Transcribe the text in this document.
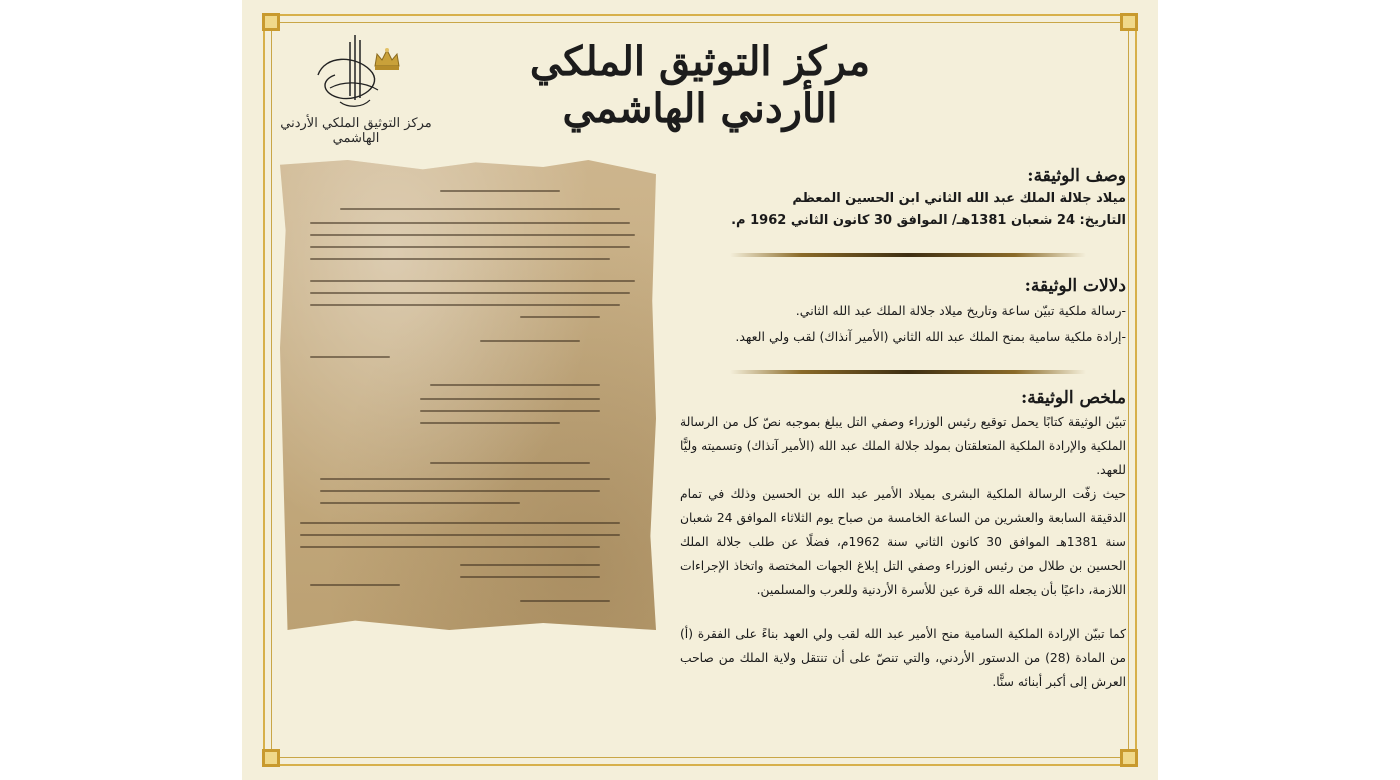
مركز التوثيق الملكي الأردني الهاشمي
مركز التوثيق الملكي الأردني الهاشمي
وصف الوثيقة:

ميلاد جلالة الملك عبد الله الثاني ابن الحسين المعظم

التاريخ: 24 شعبان 1381هـ/ الموافق 30 كانون الثاني 1962 م.

دلالات الوثيقة:

-رسالة ملكية تبيّن ساعة وتاريخ ميلاد جلالة الملك عبد الله الثاني.

-إرادة ملكية سامية بمنح الملك عبد الله الثاني (الأمير آنذاك) لقب ولي العهد.

ملخص الوثيقة:

تبيّن الوثيقة كتابًا يحمل توقيع رئيس الوزراء وصفي التل يبلغ بموجبه نصّ كل من الرسالة الملكية والإرادة الملكية المتعلقتان بمولد جلالة الملك عبد الله (الأمير آنذاك) وتسميته وليًّا للعهد.

حيث زفّت الرسالة الملكية البشرى بميلاد الأمير عبد الله بن الحسين وذلك في تمام الدقيقة السابعة والعشرين من الساعة الخامسة من صباح يوم الثلاثاء الموافق 24 شعبان سنة 1381هـ الموافق 30 كانون الثاني سنة 1962م، فضلًا عن طلب جلالة الملك الحسين بن طلال من رئيس الوزراء وصفي التل إبلاغ الجهات المختصة واتخاذ الإجراءات اللازمة، داعيًا بأن يجعله الله قرة عين للأسرة الأردنية وللعرب والمسلمين.

كما تبيّن الإرادة الملكية السامية منح الأمير عبد الله لقب ولي العهد بناءً على الفقرة (أ) من المادة (28) من الدستور الأردني، والتي تنصّ على أن تنتقل ولاية الملك من صاحب العرش إلى أكبر أبنائه سنًّا.
